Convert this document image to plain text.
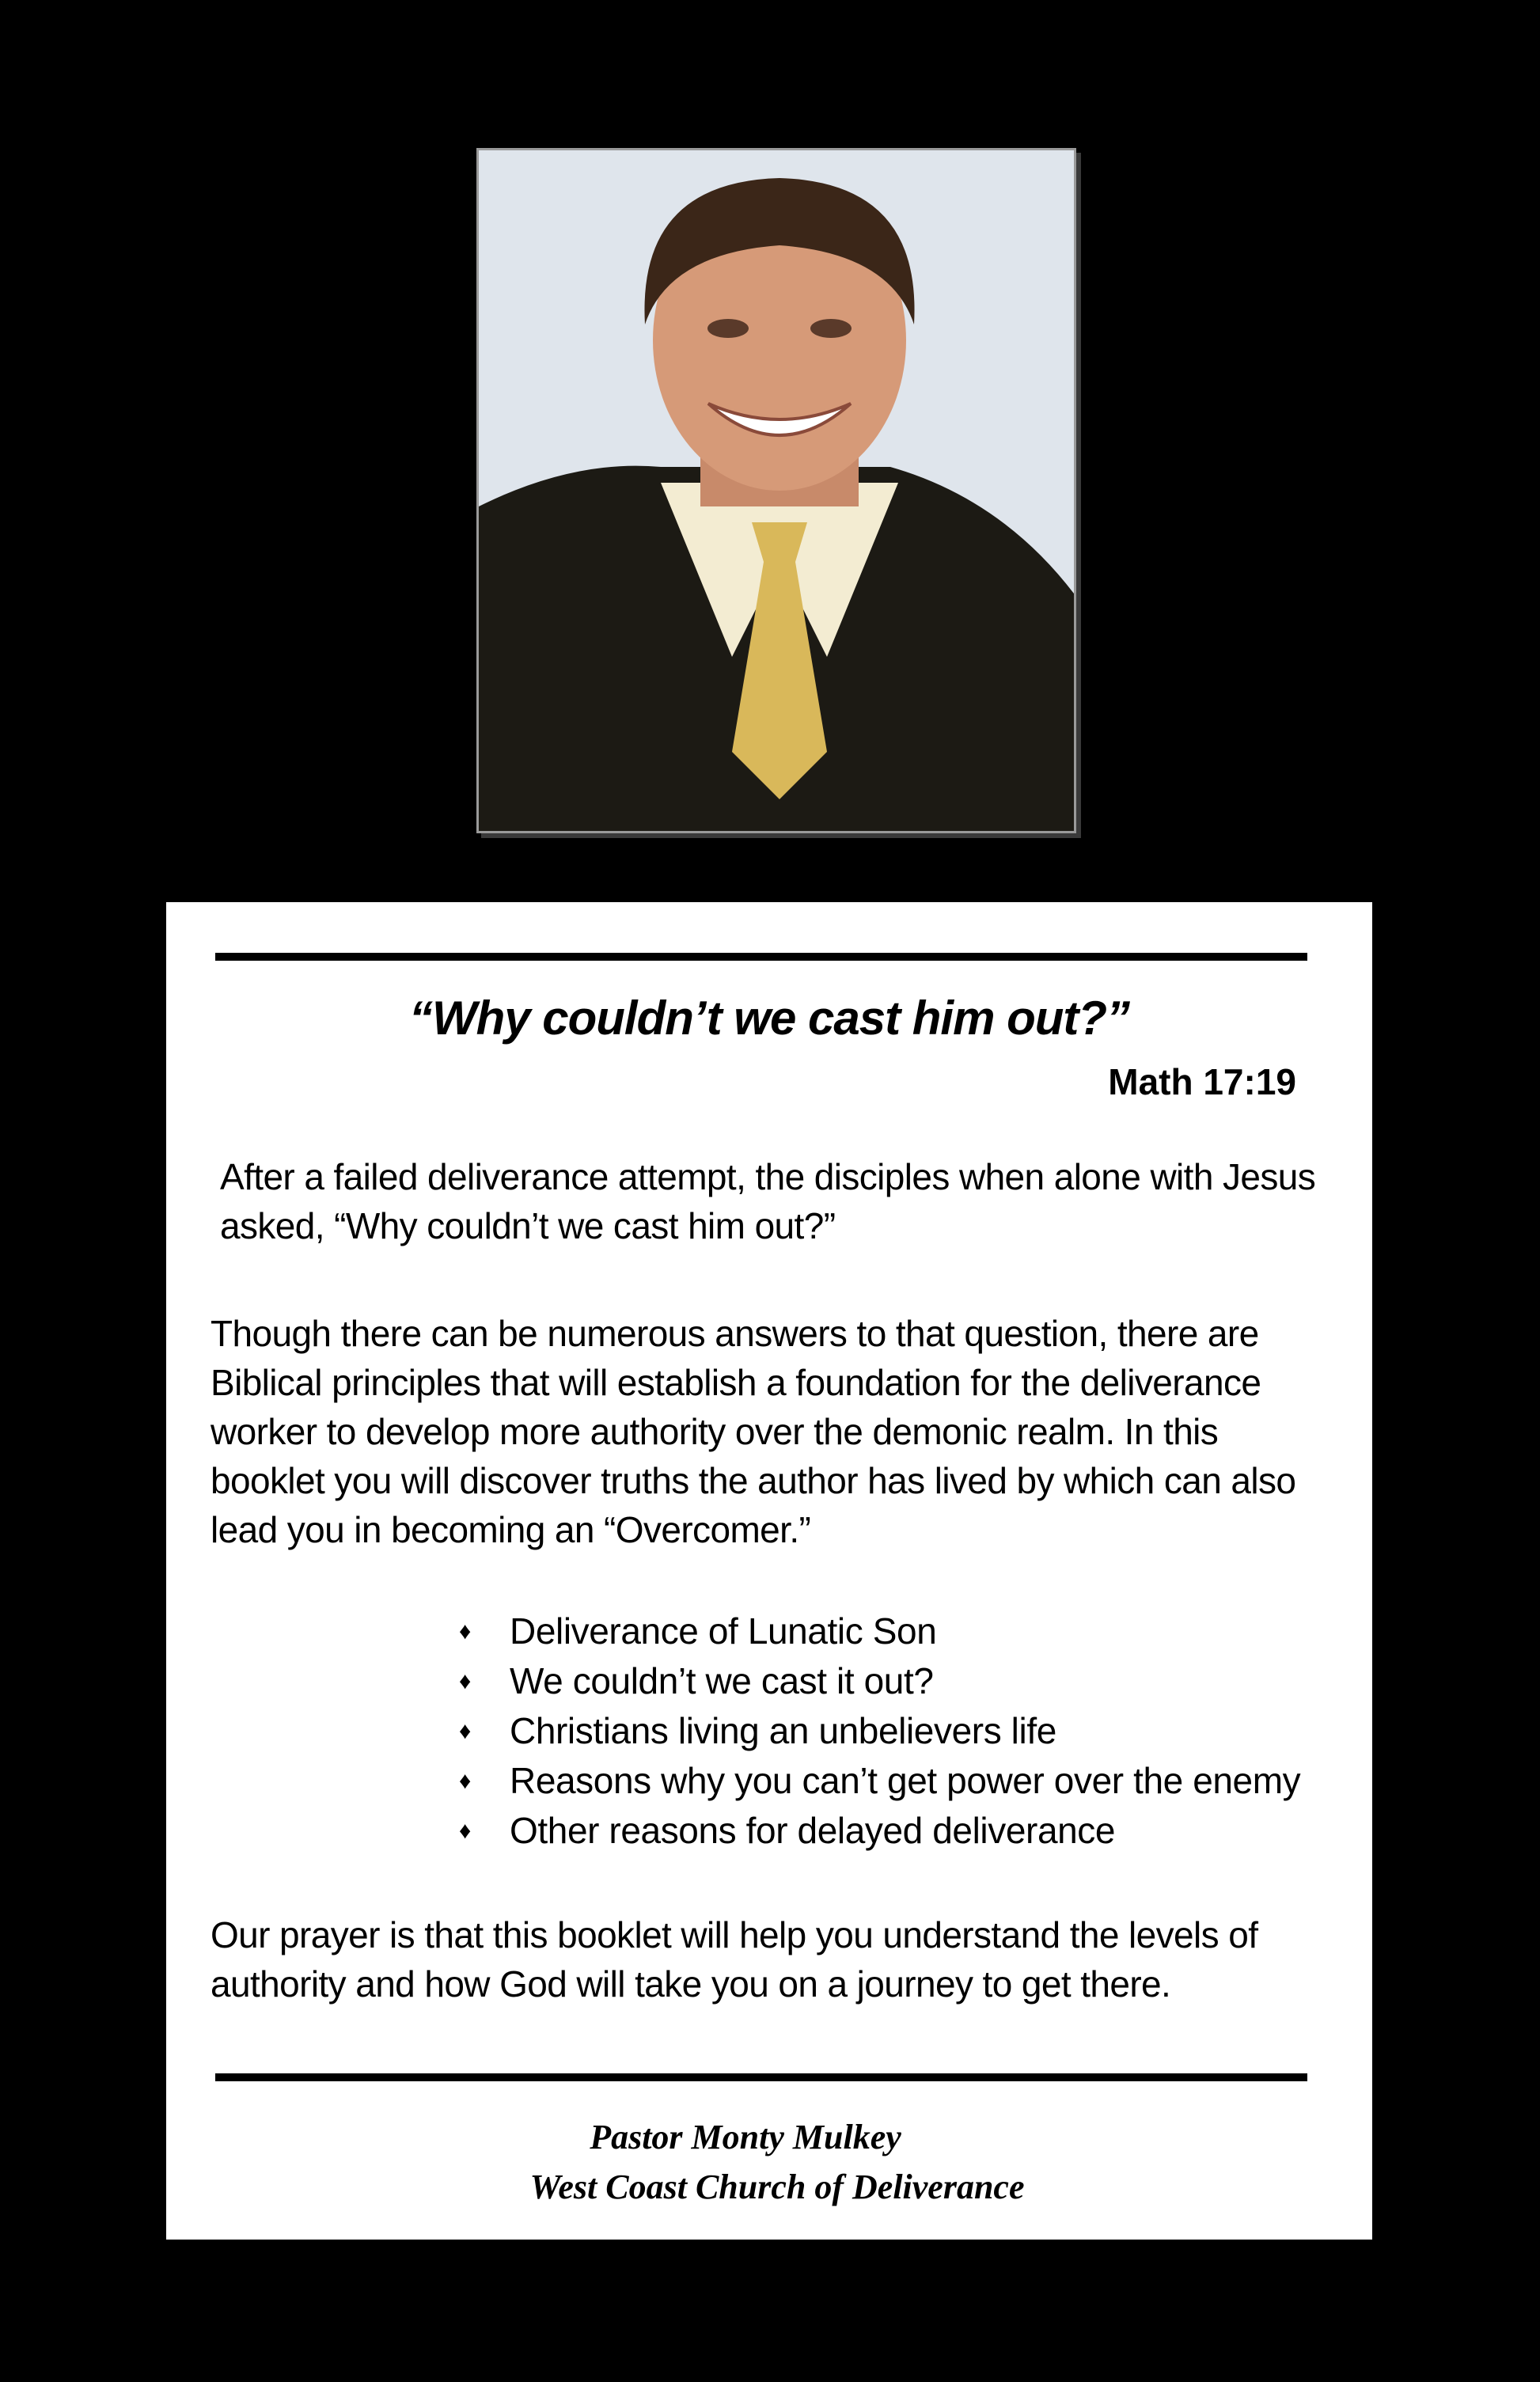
“Why couldn’t we cast him out?”
Math 17:19
After a failed deliverance attempt, the disciples when alone with Jesus asked, “Why couldn’t we cast him out?”
Though there can be numerous answers to that question, there are Biblical principles that will establish a foundation for the deliverance worker to develop more authority over the demonic realm. In this booklet you will discover truths the author has lived by which can also lead you in becoming an “Overcomer.”
♦	Deliverance of Lunatic Son
♦	We couldn’t we cast it out?
♦	Christians living an unbelievers life
♦	Reasons why you can’t get power over the enemy
♦	Other reasons for delayed deliverance
Our prayer is that this booklet will help you understand the levels of authority and how God will take you on a journey to get there.
Pastor Monty Mulkey
West Coast Church of Deliverance
